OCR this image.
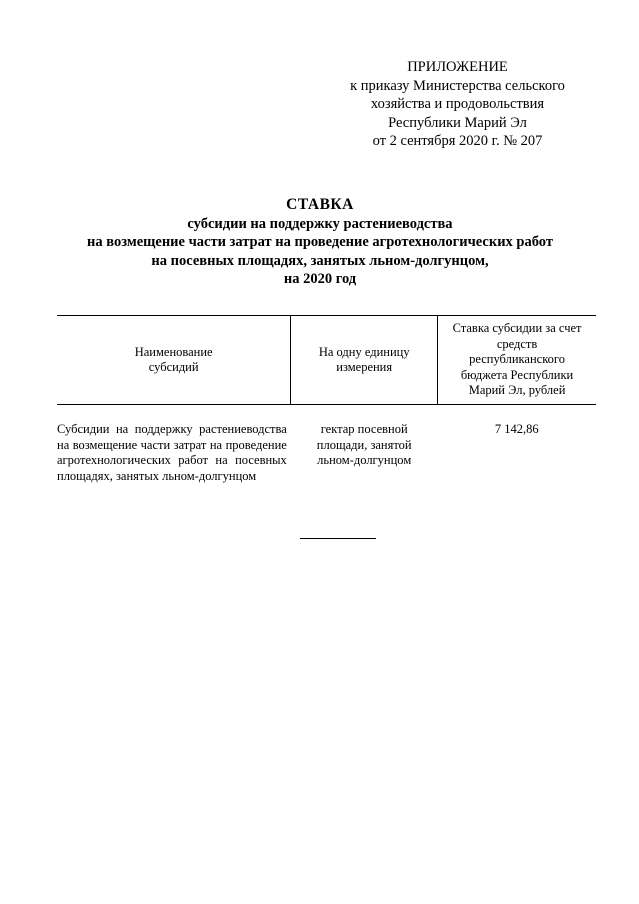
ПРИЛОЖЕНИЕ
к приказу Министерства сельского
хозяйства и продовольствия
Республики Марий Эл
от 2 сентября 2020 г. № 207
СТАВКА
субсидии на поддержку растениеводства
на возмещение части затрат на проведение агротехнологических работ
на посевных площадях, занятых льном-долгунцом,
на 2020 год
Наименование субсидий	На одну единицу измерения	Ставка субсидии за счет средств республиканского бюджета Республики Марий Эл, рублей

Субсидии на поддержку растениеводства на возмещение части затрат на проведение агротехнологических работ на посевных площадях, занятых льном-долгунцом	гектар посевной площади, занятой льном-долгунцом	7 142,86
